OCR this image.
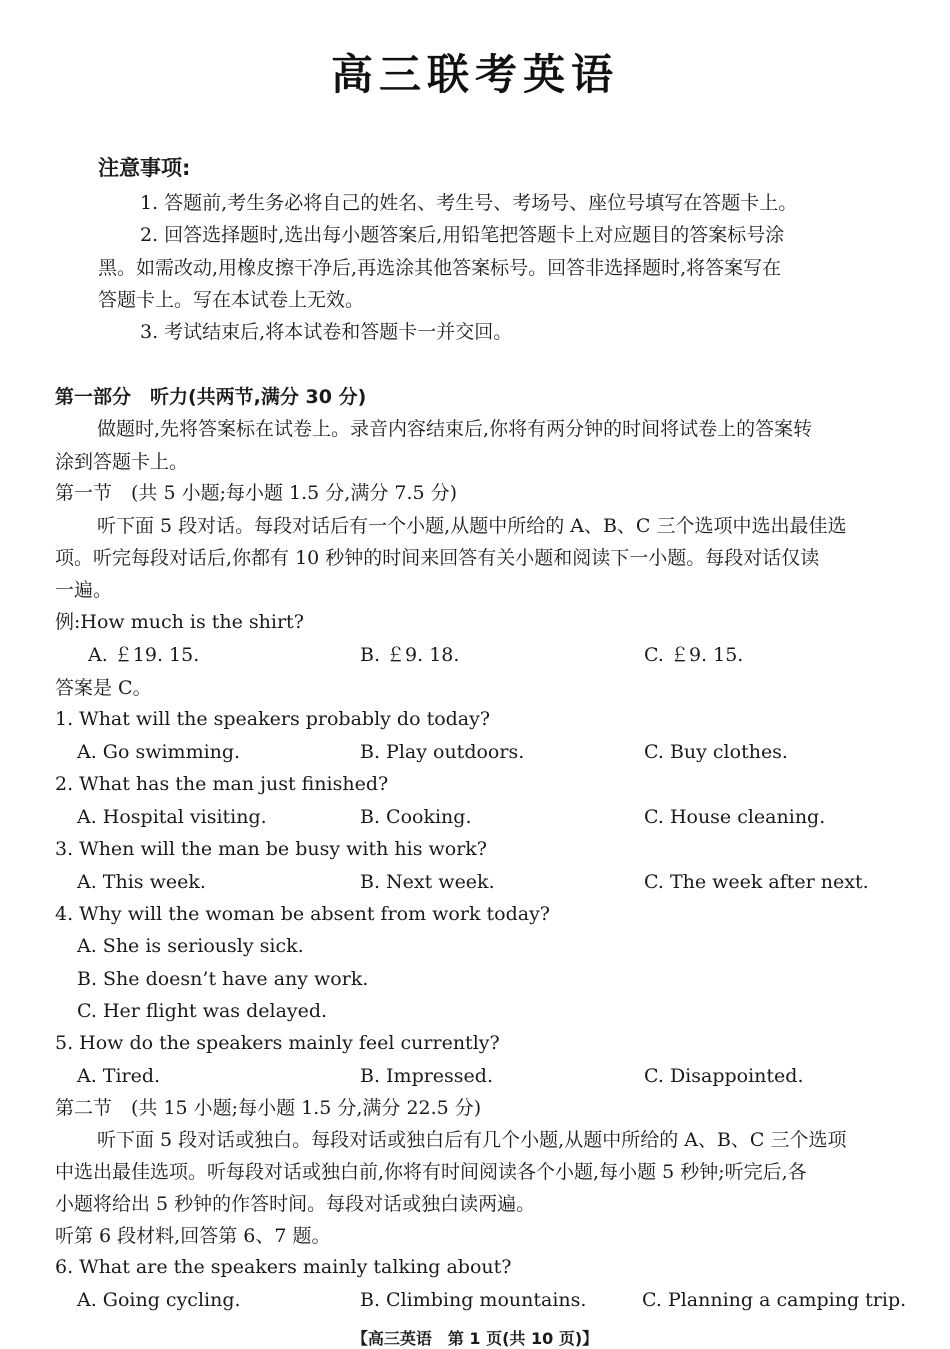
高三联考英语
注意事项:
1. 答题前,考生务必将自己的姓名、考生号、考场号、座位号填写在答题卡上。
2. 回答选择题时,选出每小题答案后,用铅笔把答题卡上对应题目的答案标号涂
黑。如需改动,用橡皮擦干净后,再选涂其他答案标号。回答非选择题时,将答案写在
答题卡上。写在本试卷上无效。
3. 考试结束后,将本试卷和答题卡一并交回。
第一部分　听力(共两节,满分 30 分)
做题时,先将答案标在试卷上。录音内容结束后,你将有两分钟的时间将试卷上的答案转
涂到答题卡上。
第一节　(共 5 小题;每小题 1.5 分,满分 7.5 分)
听下面 5 段对话。每段对话后有一个小题,从题中所给的 A、B、C 三个选项中选出最佳选
项。听完每段对话后,你都有 10 秒钟的时间来回答有关小题和阅读下一小题。每段对话仅读
一遍。
例:How much is the shirt?
A. ￡19. 15.	B. ￡9. 18.	C. ￡9. 15.
答案是 C。
1. What will the speakers probably do today?
A. Go swimming.	B. Play outdoors.	C. Buy clothes.
2. What has the man just finished?
A. Hospital visiting.	B. Cooking.	C. House cleaning.
3. When will the man be busy with his work?
A. This week.	B. Next week.	C. The week after next.
4. Why will the woman be absent from work today?
A. She is seriously sick.
B. She doesn’t have any work.
C. Her flight was delayed.
5. How do the speakers mainly feel currently?
A. Tired.	B. Impressed.	C. Disappointed.
第二节　(共 15 小题;每小题 1.5 分,满分 22.5 分)
听下面 5 段对话或独白。每段对话或独白后有几个小题,从题中所给的 A、B、C 三个选项
中选出最佳选项。听每段对话或独白前,你将有时间阅读各个小题,每小题 5 秒钟;听完后,各
小题将给出 5 秒钟的作答时间。每段对话或独白读两遍。
听第 6 段材料,回答第 6、7 题。
6. What are the speakers mainly talking about?
A. Going cycling.	B. Climbing mountains.	C. Planning a camping trip.
【高三英语　第 1 页(共 10 页)】
